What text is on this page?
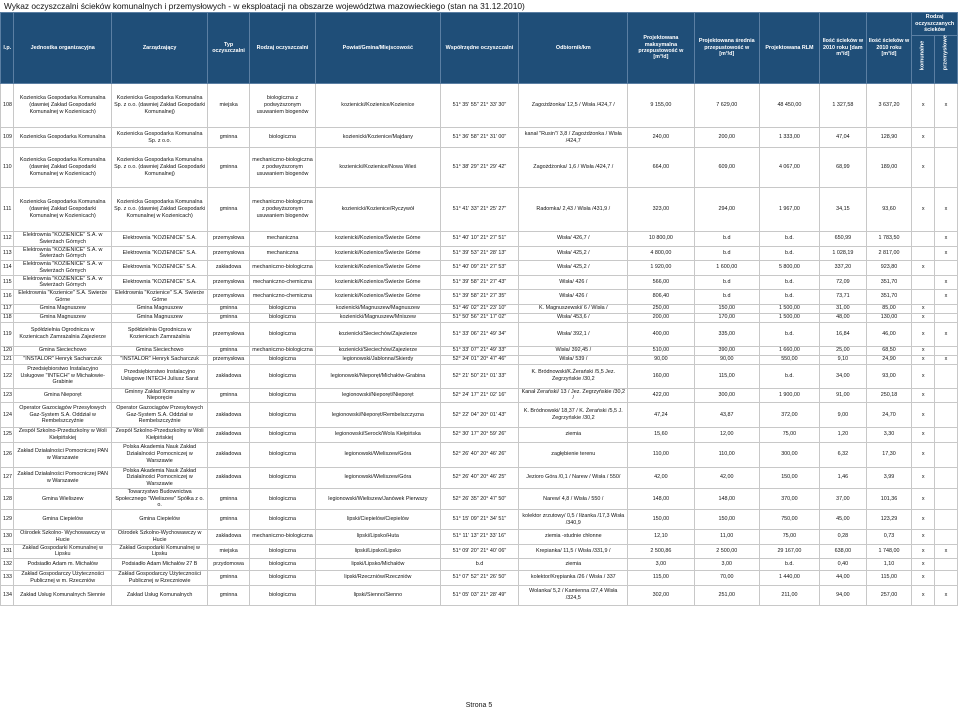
Wykaz oczyszczalni ścieków komunalnych i przemysłowych - w eksploatacji na obszarze województwa mazowieckiego (stan na 31.12.2010)
l.p.	Jednostka organizacyjna	Zarządzający	Typ oczyszczalni	Rodzaj oczyszczalni	Powiat/Gmina/Miejscowość	Współrzędne oczyszczalni	Odbiornik/km	Projektowana maksymalna przepustowość w [m³/d]	Projektowana średnia przepustowość w [m³/d]	Projektowana RLM	Ilość ścieków w 2010 roku [dam m³/d]	Ilość ścieków w 2010 roku [m³/d]	Rodzaj oczyszczanych ścieków	

													komunalne	przemysłowe

108	Kozienicka Gospodarka Komunalna (dawniej Zakład Gospodarki Komunalnej w Kozienicach)	Kozienicka Gospodarka Komunalna Sp. z o.o. (dawniej Zakład Gospodarki Komunalnej)	miejska	biologiczna z podwyższonym usuwaniem biogenów	kozienicki/Kozienice/Kozienice	51° 35' 55" 21° 33' 30"	Zagożdżonka/ 12,5 / Wisła /424,7 /	9 155,00	7 629,00	48 450,00	1 327,58	3 637,20	x	x
109	Kozienicka Gospodarka Komunalna	Kozienicka Gospodarka Komunalna Sp. z o.o.	gminna	biologiczna	kozienicki/Kozienice/Majdany	51° 36' 58" 21° 31' 00"	kanał "Rusin"/ 3,8 / Zagożdżonka / Wisła /424,7	240,00	200,00	1 333,00	47,04	128,90	x	
110	Kozienicka Gospodarka Komunalna (dawniej Zakład Gospodarki Komunalnej w Kozienicach)	Kozienicka Gospodarka Komunalna Sp. z o.o. (dawniej Zakład Gospodarki Komunalnej)	gminna	mechaniczno-biologiczna z podwyższonym usuwaniem biogenów	kozienicki/Kozienice/Nowa Wieś	51° 38' 29" 21° 29' 42"	Zagożdżonka/ 1,6 / Wisła /424,7 /	664,00	609,00	4 067,00	68,99	189,00	x	
111	Kozienicka Gospodarka Komunalna (dawniej Zakład Gospodarki Komunalnej w Kozienicach)	Kozienicka Gospodarka Komunalna Sp. z o.o. (dawniej Zakład Gospodarki Komunalnej w Kozienicach)	gminna	mechaniczno-biologiczna z podwyższonym usuwaniem biogenów	kozienicki/Kozienice/Ryczywół	51° 41' 33" 21° 25' 27"	Radomka/ 2,43 / Wisła /431,9 /	323,00	294,00	1 967,00	34,15	93,60	x	x
112	Elektrownia "KOZIENICE" S.A. w Świerżach Górnych	Elektrownia "KOZIENICE" S.A.	przemysłowa	mechaniczna	kozienicki/Kozienice/Świerże Górne	51° 40' 10" 21° 27' 51"	Wisła/ 426,7 /	10 800,00	b.d	b.d.	650,99	1 783,50		x
113	Elektrownia "KOZIENICE" S.A. w Świerżach Górnych	Elektrownia "KOZIENICE" S.A.	przemysłowa	mechaniczna	kozienicki/Kozienice/Świerże Górne	51° 39' 53" 21° 28' 13"	Wisła/ 425,2 /	4 800,00	b.d	b.d.	1 028,19	2 817,00		x
114	Elektrownia "KOZIENICE" S.A. w Świerżach Górnych	Elektrownia "KOZIENICE" S.A.	zakładowa	mechaniczno-biologiczna	kozienicki/Kozienice/Świerże Górne	51° 40' 09" 21° 27' 53"	Wisła/ 425,2 /	1 920,00	1 600,00	5 800,00	337,20	923,80	x	
115	Elektrownia "KOZIENICE" S.A. w Świerżach Górnych	Elektrownia "KOZIENICE" S.A.	przemysłowa	mechaniczno-chemiczna	kozienicki/Kozienice/Świerże Górne	51° 39' 58" 21° 27' 43"	Wisła/ 426 /	566,00	b.d	b.d.	72,09	351,70		x
116	Elektrownia "Kozienice" S.A. Świerże Górne	Elektrownia "Kozienice" S.A. Świerże Górne	przemysłowa	mechaniczno-chemiczna	kozienicki/Kozienice/Świerże Górne	51° 39' 58" 21° 27' 35"	Wisła/ 426 /	806,40	b.d	b.d.	73,71	351,70		x
117	Gmina Magnuszew	Gmina Magnuszew	gminna	biologiczna	kozienicki/Magnuszew/Magnuszew	51° 46' 02" 21° 23' 10"	K. Magnuszewski/ 6 / Wisła /	250,00	150,00	1 500,00	31,00	85,00	x	
118	Gmina Magnuszew	Gmina Magnuszew	gminna	biologiczna	kozienicki/Magnuszew/Mniszew	51° 50' 56" 21° 17' 02"	Wisła/ 453,6 /	200,00	170,00	1 500,00	48,00	130,00	x	
119	Spółdzielnia Ogrodnicza w Kozienicach Zamrażalnia Zajezierze	Spółdzielnia Ogrodnicza w Kozienicach Zamrażalnia	przemysłowa	biologiczna	kozienicki/Sieciechów/Zajezierze	51° 33' 06" 21° 49' 34"	Wisła/ 392,1 /	400,00	335,00	b.d.	16,84	46,00	x	x
120	Gmina Sieciechowo	Gmina Sieciechowo	gminna	mechaniczno-biologiczna	kozienicki/Sieciechów/Zajezierze	51° 33' 07" 21° 49' 33"	Wisła/ 392,45 /	510,00	390,00	1 660,00	25,00	68,50	x	
121	"INSTALOR" Henryk Sacharczuk	"INSTALOR" Henryk Sacharczuk	przemysłowa	biologiczna	legionowski/Jabłonna/Skierdy	52° 24' 01" 20° 47' 46"	Wisła/ 539 /	90,00	90,00	550,00	9,10	24,90	x	x
122	Przedsiębiorstwo Instalacyjno Usługowe "INTECH" w Michałowie-Grabinie	Przedsiębiorstwo Instalacyjno Usługowe INTECH Juliusz Sarat	zakładowa	biologiczna	legionowski/Nieporęt/Michałów-Grabina	52° 21' 50" 21° 01' 33"	K. Bródnowski/K.Żerański /5,5 Jez. Zegrzyńskie /30,2	160,00	115,00	b.d.	34,00	93,00	x	
123	Gmina Nieporęt	Gminny Zakład Komunalny w Nieporęcie	gminna	biologiczna	legionowski/Nieporęt/Nieporęt	52° 24' 17" 21° 02' 16"	Kanał Żerański/ 13 / Jez. Zegrzyńskie /30,2 /	422,00	300,00	1 900,00	91,00	250,18	x	
124	Operator Gazociągów Przesyłowych Gaz-System S.A. Oddział w Rembelszczyźnie	Operator Gazociągów Przesyłowych Gaz-System S.A. Oddział w Rembelszczyźnie	zakładowa	biologiczna	legionowski/Nieporęt/Rembelszczyzna	52° 22' 04" 20° 01' 43"	K. Bródnowski/ 18,37 / K. Żerański /5,5 J. Zegrzyńskie /30,2	47,24	43,87	372,00	9,00	24,70	x	
125	Zespół Szkolno-Przedszkolny w Woli Kiełpińskiej	Zespół Szkolno-Przedszkolny w Woli Kiełpińskiej	zakładowa	biologiczna	legionowski/Serock/Wola Kiełpińska	52° 30' 17" 20° 59' 26"	ziemia	15,60	12,00	75,00	1,20	3,30	x	
126	Zakład Działalności Pomocniczej PAN w Warszawie	Polska Akademia Nauk Zakład Działalności Pomocniczej w Warszawie	zakładowa	biologiczna	legionowski/Wieliszew/Góra	52° 26' 40" 20° 46' 26"	zagłębienie terenu	110,00	110,00	300,00	6,32	17,30	x	
127	Zakład Działalności Pomocniczej PAN w Warszawie	Polska Akademia Nauk Zakład Działalności Pomocniczej w Warszawie	zakładowa	biologiczna	legionowski/Wieliszew/Góra	52° 26' 40" 20° 46' 25"	Jezioro Góra /0,1 / Narew / Wisła / 550/	42,00	42,00	150,00	1,46	3,99	x	
128	Gmina Wieliszew	Towarzystwo Budownictwa Społecznego "Wieliszew" Spółka z o. o.	gminna	biologiczna	legionowski/Wieliszew/Janówek Pierwszy	52° 26' 35" 20° 47' 50"	Narew/ 4,8 / Wisła / 550 /	148,00	148,00	370,00	37,00	101,36	x	
129	Gmina Ciepielów	Gmina Ciepielów	gminna	biologiczna	lipski/Ciepielów/Ciepielów	51° 15' 09" 21° 34' 51"	kolektor zrzutowy/ 0,5 / Iłżanka /17,3 Wisła /340,9	150,00	150,00	750,00	45,00	123,29	x	
130	Ośrodek Szkolno- Wychowawczy w Hucie	Ośrodek Szkolno-Wychowawczy w Hucie	zakładowa	mechaniczno-biologiczna	lipski/Lipsko/Huta	51° 11' 13" 21° 33' 16"	ziemia -studnie chłonne	12,10	11,00	75,00	0,28	0,73	x	
131	Zakład Gospodarki Komunalnej w Lipsku	Zakład Gospodarki Komunalnej w Lipsku	miejska	biologiczna	lipski/Lipsko/Lipsko	51° 09' 20" 21° 40' 06"	Krepianka/ 11,5 / Wisła /331,9 /	2 500,86	2 500,00	29 167,00	638,00	1 748,00	x	x
132	Podsiadło Adam m. Michałów	Podsiadło Adam Michałów 27 B	przydomowa	biologiczna	lipski/Lipsko/Michałów	b.d	ziemia	3,00	3,00	b.d.	0,40	1,10	x	
133	Zakład Gospodarczy Użyteczności Publicznej w m. Rzeczniów	Zakład Gospodarczy Użyteczności Publicznej w Rzeczniowie	gminna	biologiczna	lipski/Rzeczniów/Rzeczniów	51° 07' 52" 21° 26' 50"	kolektor/Krępianka /26 / Wisła / 337	115,00	70,00	1 440,00	44,00	115,00	x	
134	Zakład Usług Komunalnych Siennie	Zakład Usług Komunalnych	gminna	biologiczna	lipski/Sienno/Sienno	51° 05' 03" 21° 28' 49"	Wolanka/ 5,2 / Kamienna /27,4 Wisła /324,5	302,00	251,00	211,00	94,00	257,00	x	x
Strona 5
